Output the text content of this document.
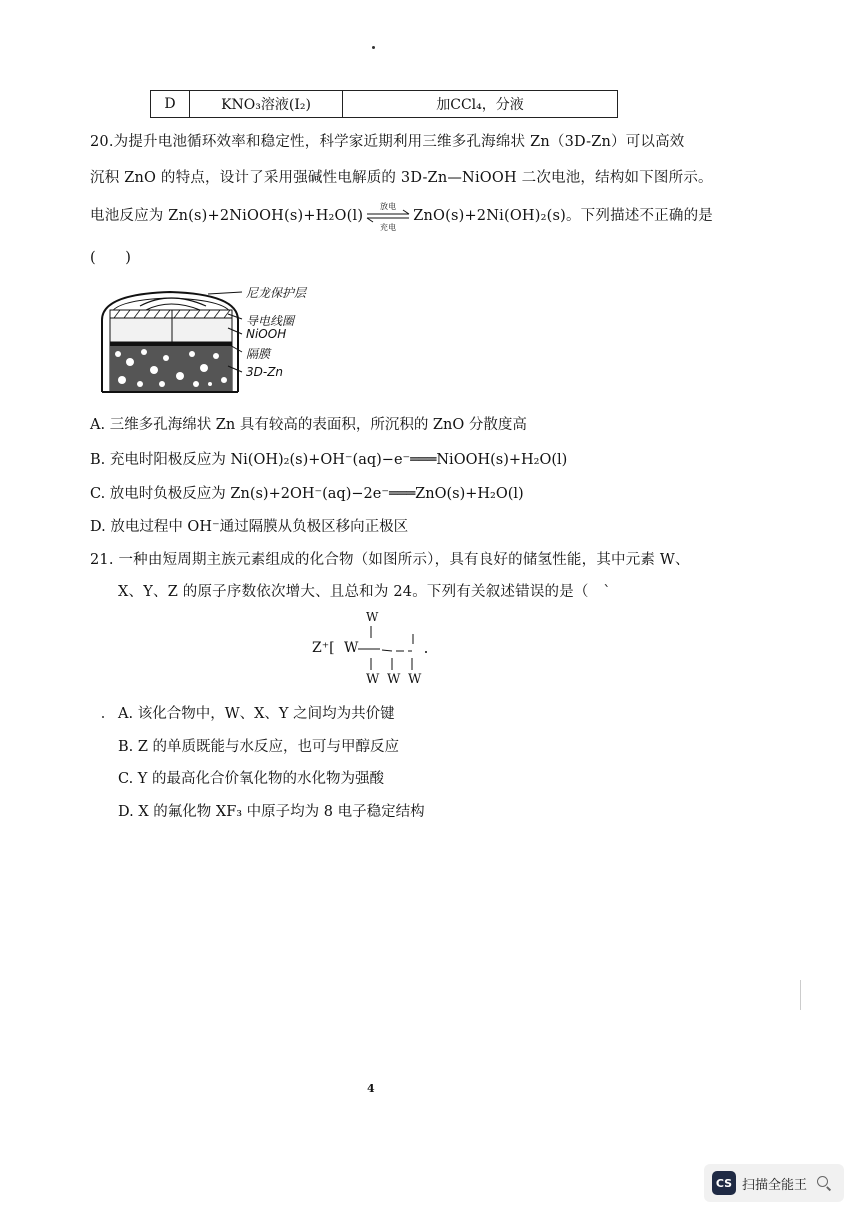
D	KNO₃溶液(I₂)	加CCl₄，分液
20.为提升电池循环效率和稳定性，科学家近期利用三维多孔海绵状 Zn（3D-Zn）可以高效
沉积 ZnO 的特点，设计了采用强碱性电解质的 3D-Zn—NiOOH 二次电池，结构如下图所示。
电池反应为 Zn(s)+2NiOOH(s)+H₂O(l)
放电
充电
ZnO(s)+2Ni(OH)₂(s)。下列描述不正确的是
(　　)
尼龙保护层
导电线圈
NiOOH
隔膜
3D-Zn
A. 三维多孔海绵状 Zn 具有较高的表面积，所沉积的 ZnO 分散度高
B. 充电时阳极反应为 Ni(OH)₂(s)+OH⁻(aq)−e⁻═══NiOOH(s)+H₂O(l)
C. 放电时负极反应为 Zn(s)+2OH⁻(aq)−2e⁻═══ZnO(s)+H₂O(l)
D. 放电过程中 OH⁻通过隔膜从负极区移向正极区
21. 一种由短周期主族元素组成的化合物（如图所示），具有良好的储氢性能，其中元素 W、
X、Y、Z 的原子序数依次增大、且总和为 24。下列有关叙述错误的是（　`
W
Z⁺[ W
W W W
A. 该化合物中，W、X、Y 之间均为共价键
B. Z 的单质既能与水反应，也可与甲醇反应
C. Y 的最高化合价氧化物的水化物为强酸
D. X 的氟化物 XF₃ 中原子均为 8 电子稳定结构
4
CS 扫描全能王
